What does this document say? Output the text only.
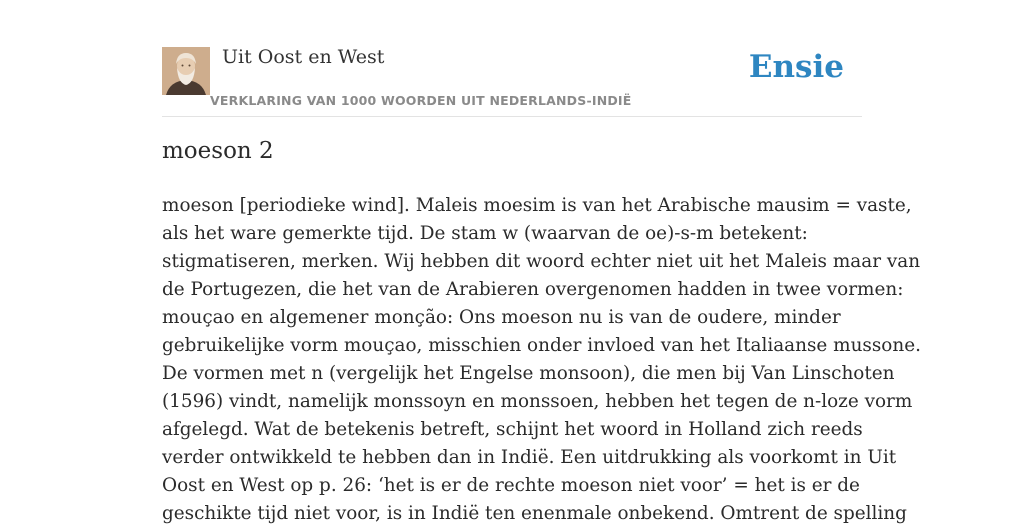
Uit Oost en West
VERKLARING VAN 1000 WOORDEN UIT NEDERLANDS-INDIË
Ensie
moeson 2

moeson [periodieke wind]. Maleis moesim is van het Arabische mausim = vaste,
als het ware gemerkte tijd. De stam w (waarvan de oe)-s-m betekent:
stigmatiseren, merken. Wij hebben dit woord echter niet uit het Maleis maar van
de Portugezen, die het van de Arabieren overgenomen hadden in twee vormen:
mouçao en algemener monção: Ons moeson nu is van de oudere, minder
gebruikelijke vorm mouçao, misschien onder invloed van het Italiaanse mussone.
De vormen met n (vergelijk het Engelse monsoon), die men bij Van Linschoten
(1596) vindt, namelijk monssoyn en monssoen, hebben het tegen de n-loze vorm
afgelegd. Wat de betekenis betreft, schijnt het woord in Holland zich reeds
verder ontwikkeld te hebben dan in Indië. Een uitdrukking als voorkomt in Uit
Oost en West op p. 26: ‘het is er de rechte moeson niet voor’ = het is er de
geschikte tijd niet voor, is in Indië ten enenmale onbekend. Omtrent de spelling
